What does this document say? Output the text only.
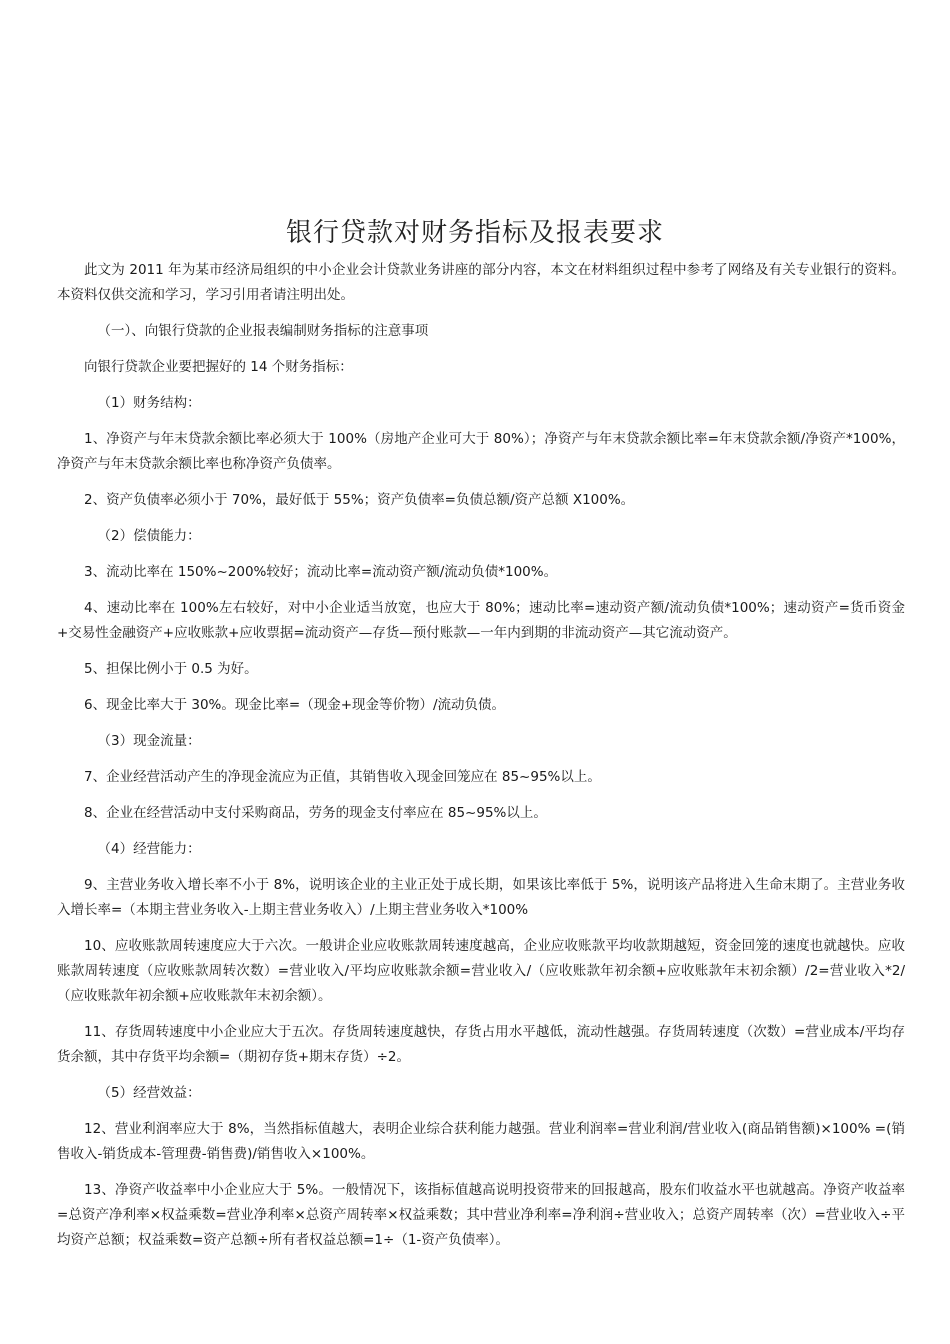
银行贷款对财务指标及报表要求

此文为 2011 年为某市经济局组织的中小企业会计贷款业务讲座的部分内容，本文在材料组织过程中参考了网络及有关专业银行的资料。本资料仅供交流和学习，学习引用者请注明出处。

（一）、向银行贷款的企业报表编制财务指标的注意事项

向银行贷款企业要把握好的 14 个财务指标：

（1）财务结构：

1、净资产与年末贷款余额比率必须大于 100%（房地产企业可大于 80%）；净资产与年末贷款余额比率=年末贷款余额/净资产*100%，净资产与年末贷款余额比率也称净资产负债率。

2、资产负债率必须小于 70%，最好低于 55%；资产负债率=负债总额/资产总额 X100%。

（2）偿债能力：

3、流动比率在 150%~200%较好；流动比率=流动资产额/流动负债*100%。

4、速动比率在 100%左右较好，对中小企业适当放宽，也应大于 80%；速动比率=速动资产额/流动负债*100%；速动资产=货币资金+交易性金融资产+应收账款+应收票据=流动资产—存货—预付账款—一年内到期的非流动资产—其它流动资产。

5、担保比例小于 0.5 为好。

6、现金比率大于 30%。现金比率=（现金+现金等价物）/流动负债。

（3）现金流量：

7、企业经营活动产生的净现金流应为正值，其销售收入现金回笼应在 85~95%以上。

8、企业在经营活动中支付采购商品，劳务的现金支付率应在 85~95%以上。

（4）经营能力：

9、主营业务收入增长率不小于 8%，说明该企业的主业正处于成长期，如果该比率低于 5%，说明该产品将进入生命末期了。主营业务收入增长率=（本期主营业务收入-上期主营业务收入）/上期主营业务收入*100%

10、应收账款周转速度应大于六次。一般讲企业应收账款周转速度越高，企业应收账款平均收款期越短，资金回笼的速度也就越快。应收账款周转速度（应收账款周转次数）=营业收入/平均应收账款余额=营业收入/（应收账款年初余额+应收账款年末初余额）/2=营业收入*2/（应收账款年初余额+应收账款年末初余额）。

11、存货周转速度中小企业应大于五次。存货周转速度越快，存货占用水平越低，流动性越强。存货周转速度（次数）=营业成本/平均存货余额，其中存货平均余额=（期初存货+期末存货）÷2。

（5）经营效益：

12、营业利润率应大于 8%，当然指标值越大，表明企业综合获利能力越强。营业利润率=营业利润/营业收入(商品销售额)×100% =(销售收入-销货成本-管理费-销售费)/销售收入×100%。

13、净资产收益率中小企业应大于 5%。一般情况下，该指标值越高说明投资带来的回报越高，股东们收益水平也就越高。净资产收益率=总资产净利率×权益乘数=营业净利率×总资产周转率×权益乘数；其中营业净利率=净利润÷营业收入；总资产周转率（次）=营业收入÷平均资产总额；权益乘数=资产总额÷所有者权益总额=1÷（1-资产负债率）。
